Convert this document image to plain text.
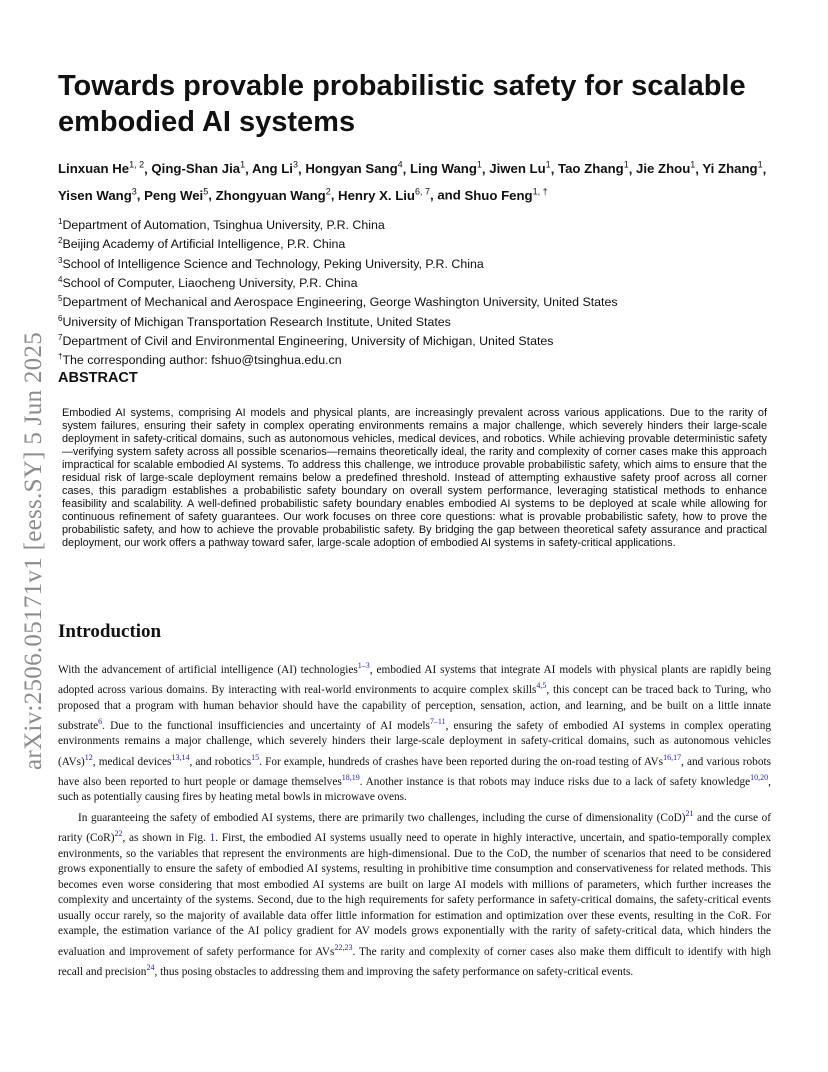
arXiv:2506.05171v1 [eess.SY] 5 Jun 2025
Towards provable probabilistic safety for scalable embodied AI systems
Linxuan He$^{1, 2}$, Qing-Shan Jia$^1$, Ang Li$^3$, Hongyan Sang$^4$, Ling Wang$^1$, Jiwen Lu$^1$, Tao Zhang$^1$, Jie Zhou$^1$, Yi Zhang$^1$, Yisen Wang$^3$, Peng Wei$^5$, Zhongyuan Wang$^2$, Henry X. Liu$^{6, 7}$, and Shuo Feng$^{1, \dagger}$
$^1$Department of Automation, Tsinghua University, P.R. China
$^2$Beijing Academy of Artificial Intelligence, P.R. China
$^3$School of Intelligence Science and Technology, Peking University, P.R. China
$^4$School of Computer, Liaocheng University, P.R. China
$^5$Department of Mechanical and Aerospace Engineering, George Washington University, United States
$^6$University of Michigan Transportation Research Institute, United States
$^7$Department of Civil and Environmental Engineering, University of Michigan, United States
†The corresponding author: fshuo@tsinghua.edu.cn
ABSTRACT

Embodied AI systems, comprising AI models and physical plants, are increasingly prevalent across various applications. Due to the rarity of system failures, ensuring their safety in complex operating environments remains a major challenge, which severely hinders their large-scale deployment in safety-critical domains, such as autonomous vehicles, medical devices, and robotics. While achieving provable deterministic safety—verifying system safety across all possible scenarios—remains theoretically ideal, the rarity and complexity of corner cases make this approach impractical for scalable embodied AI systems. To address this challenge, we introduce provable probabilistic safety, which aims to ensure that the residual risk of large-scale deployment remains below a predefined threshold. Instead of attempting exhaustive safety proof across all corner cases, this paradigm establishes a probabilistic safety boundary on overall system performance, leveraging statistical methods to enhance feasibility and scalability. A well-defined probabilistic safety boundary enables embodied AI systems to be deployed at scale while allowing for continuous refinement of safety guarantees. Our work focuses on three core questions: what is provable probabilistic safety, how to prove the probabilistic safety, and how to achieve the provable probabilistic safety. By bridging the gap between theoretical safety assurance and practical deployment, our work offers a pathway toward safer, large-scale adoption of embodied AI systems in safety-critical applications.

Introduction

With the advancement of artificial intelligence (AI) technologies$^{1-3}$, embodied AI systems that integrate AI models with physical plants are rapidly being adopted across various domains. By interacting with real-world environments to acquire complex skills$^{4,5}$, this concept can be traced back to Turing, who proposed that a program with human behavior should have the capability of perception, sensation, action, and learning, and be built on a little innate substrate$^6$. Due to the functional insufficiencies and uncertainty of AI models$^{7-11}$, ensuring the safety of embodied AI systems in complex operating environments remains a major challenge, which severely hinders their large-scale deployment in safety-critical domains, such as autonomous vehicles (AVs)$^{12}$, medical devices$^{13,14}$, and robotics$^{15}$. For example, hundreds of crashes have been reported during the on-road testing of AVs$^{16,17}$, and various robots have also been reported to hurt people or damage themselves$^{18,19}$. Another instance is that robots may induce risks due to a lack of safety knowledge$^{10,20}$, such as potentially causing fires by heating metal bowls in microwave ovens.

In guaranteeing the safety of embodied AI systems, there are primarily two challenges, including the curse of dimensionality (CoD)$^{21}$ and the curse of rarity (CoR)$^{22}$, as shown in Fig. 1. First, the embodied AI systems usually need to operate in highly interactive, uncertain, and spatio-temporally complex environments, so the variables that represent the environments are high-dimensional. Due to the CoD, the number of scenarios that need to be considered grows exponentially to ensure the safety of embodied AI systems, resulting in prohibitive time consumption and conservativeness for related methods. This becomes even worse considering that most embodied AI systems are built on large AI models with millions of parameters, which further increases the complexity and uncertainty of the systems. Second, due to the high requirements for safety performance in safety-critical domains, the safety-critical events usually occur rarely, so the majority of available data offer little information for estimation and optimization over these events, resulting in the CoR. For example, the estimation variance of the AI policy gradient for AV models grows exponentially with the rarity of safety-critical data, which hinders the evaluation and improvement of safety performance for AVs$^{22,23}$. The rarity and complexity of corner cases also make them difficult to identify with high recall and precision$^{24}$, thus posing obstacles to addressing them and improving the safety performance on safety-critical events.
